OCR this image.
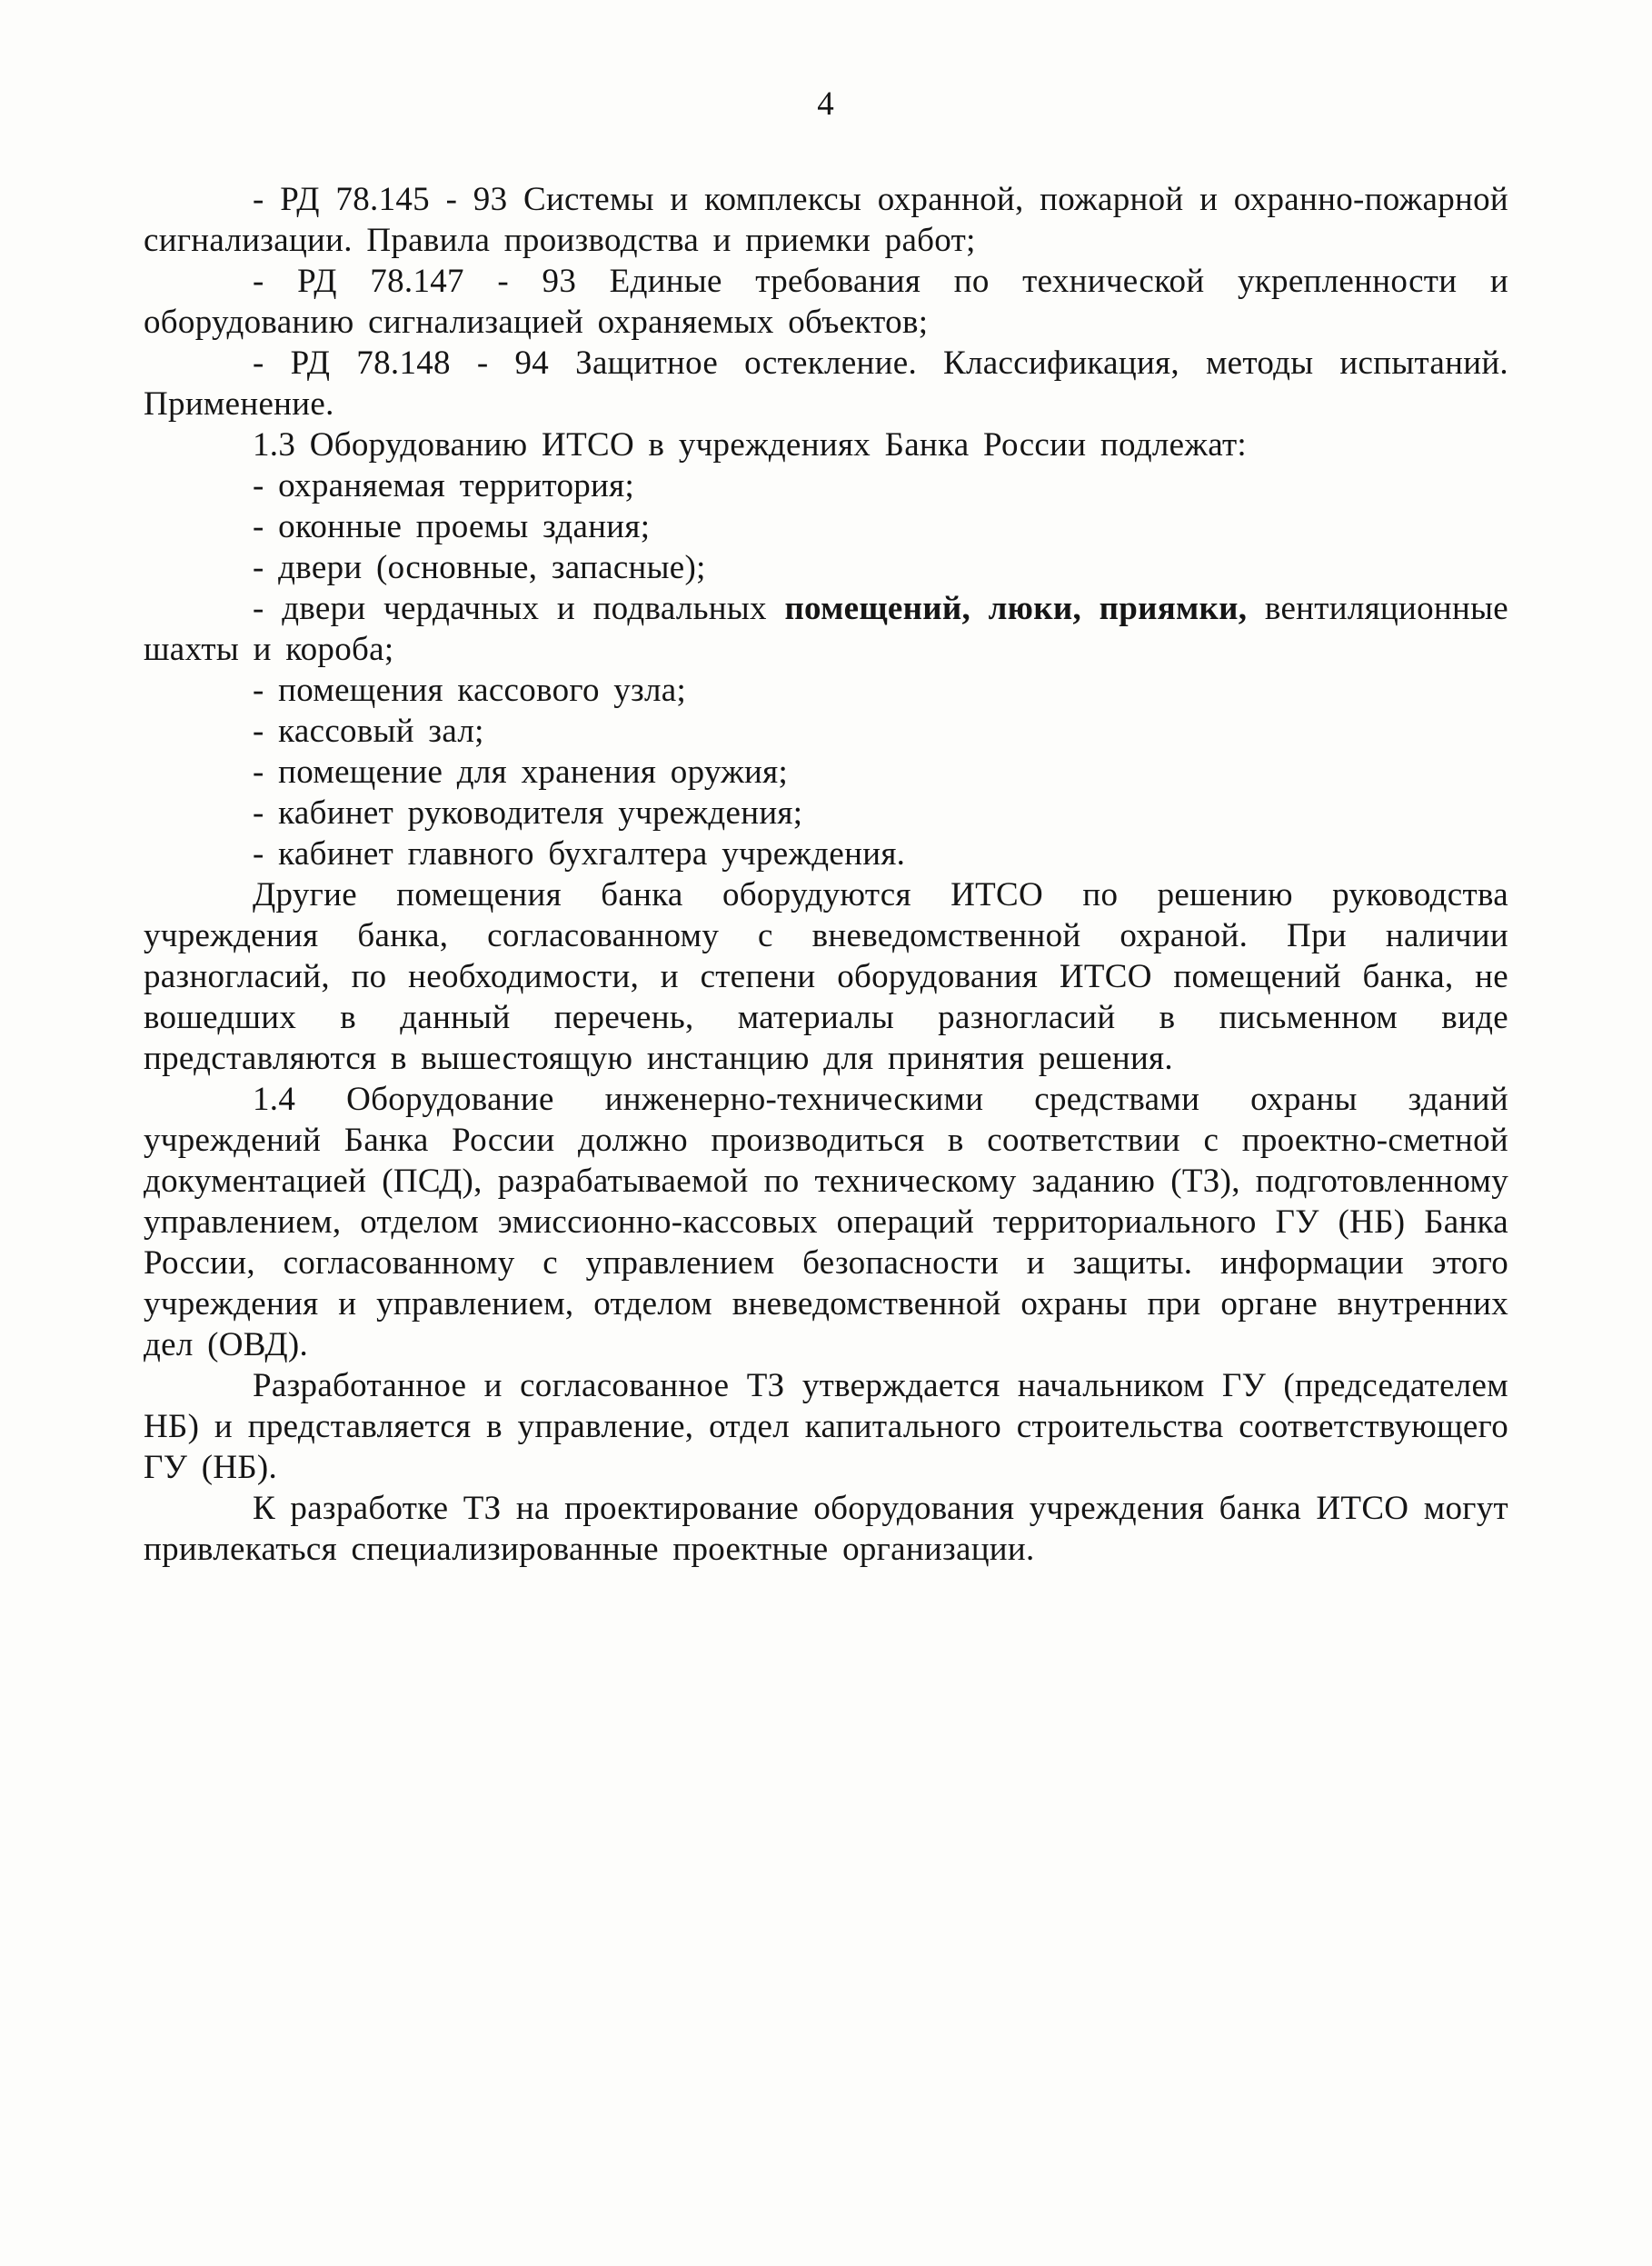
4

- РД 78.145 - 93 Системы и комплексы охранной, пожарной и охранно-пожарной сигнализации. Правила производства и приемки работ;

- РД 78.147 - 93 Единые требования по технической укрепленности и оборудованию сигнализацией охраняемых объектов;

- РД 78.148 - 94 Защитное остекление. Классификация, методы испытаний. Применение.

1.3 Оборудованию ИТСО в учреждениях Банка России подлежат:

- охраняемая территория;

- оконные проемы здания;

- двери (основные, запасные);

- двери чердачных и подвальных помещений, люки, приямки, вентиляционные шахты и короба;

- помещения кассового узла;

- кассовый зал;

- помещение для хранения оружия;

- кабинет руководителя учреждения;

- кабинет главного бухгалтера учреждения.

Другие помещения банка оборудуются ИТСО по решению руководства учреждения банка, согласованному с вневедомственной охраной. При наличии разногласий, по необходимости, и степени оборудования ИТСО помещений банка, не вошедших в данный перечень, материалы разногласий в письменном виде представляются в вышестоящую инстанцию для принятия решения.

1.4 Оборудование инженерно-техническими средствами охраны зданий учреждений Банка России должно производиться в соответствии с проектно-сметной документацией (ПСД), разрабатываемой по техническому заданию (ТЗ), подготовленному управлением, отделом эмиссионно-кассовых операций территориального ГУ (НБ) Банка России, согласованному с управлением безопасности и защиты. информации этого учреждения и управлением, отделом вневедомственной охраны при органе внутренних дел (ОВД).

Разработанное и согласованное ТЗ утверждается начальником ГУ (председателем НБ) и представляется в управление, отдел капитального строительства соответствующего ГУ (НБ).

К разработке ТЗ на проектирование оборудования учреждения банка ИТСО могут привлекаться специализированные проектные организации.
